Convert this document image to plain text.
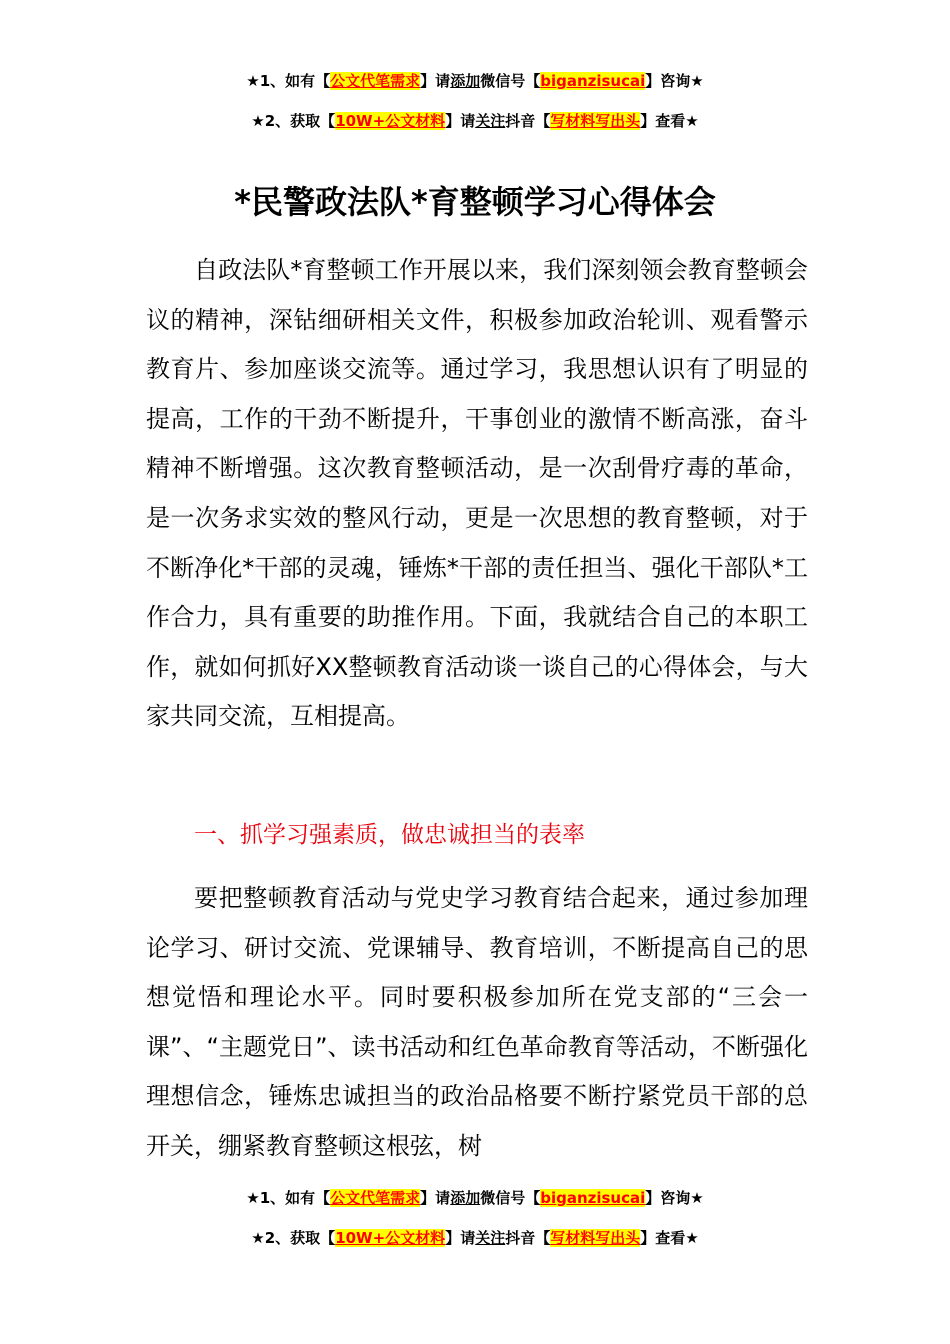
★1、如有【公文代笔需求】请添加微信号【biganzisucai】咨询★
★2、获取【10W+公文材料】请关注抖音【写材料写出头】查看★
*民警政法队*育整顿学习心得体会

自政法队*育整顿工作开展以来，我们深刻领会教育整顿会议的精神，深钻细研相关文件，积极参加政治轮训、观看警示教育片、参加座谈交流等。通过学习，我思想认识有了明显的提高，工作的干劲不断提升，干事创业的激情不断高涨，奋斗精神不断增强。这次教育整顿活动，是一次刮骨疗毒的革命，是一次务求实效的整风行动，更是一次思想的教育整顿，对于不断净化*干部的灵魂，锤炼*干部的责任担当、强化干部队*工作合力，具有重要的助推作用。下面，我就结合自己的本职工作，就如何抓好XX整顿教育活动谈一谈自己的心得体会，与大家共同交流，互相提高。

一、抓学习强素质，做忠诚担当的表率

要把整顿教育活动与党史学习教育结合起来，通过参加理论学习、研讨交流、党课辅导、教育培训，不断提高自己的思想觉悟和理论水平。同时要积极参加所在党支部的“三会一课”、“主题党日”、读书活动和红色革命教育等活动，不断强化理想信念，锤炼忠诚担当的政治品格要不断拧紧党员干部的总开关，绷紧教育整顿这根弦，树

★1、如有【公文代笔需求】请添加微信号【biganzisucai】咨询★
★2、获取【10W+公文材料】请关注抖音【写材料写出头】查看★
